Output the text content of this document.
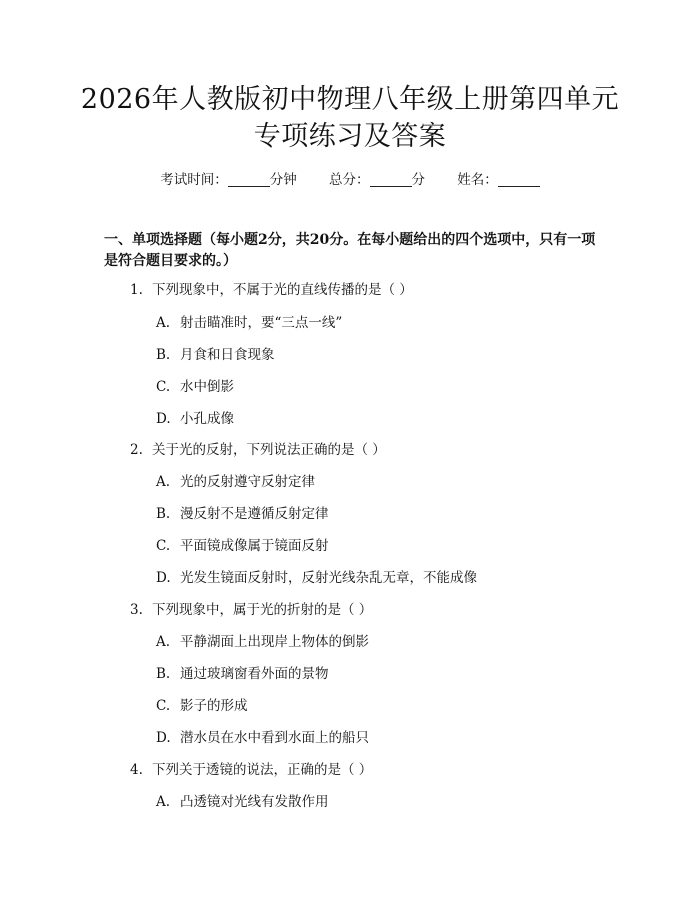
2026年人教版初中物理八年级上册第四单元
专项练习及答案
考试时间：	分钟 总分：	分 姓名：
一、单项选择题（每小题2分，共20分。在每小题给出的四个选项中，只有一项是符合题目要求的。）
1. 下列现象中，不属于光的直线传播的是（ ）
A. 射击瞄准时，要“三点一线”
B. 月食和日食现象
C. 水中倒影
D. 小孔成像
2. 关于光的反射，下列说法正确的是（ ）
A. 光的反射遵守反射定律
B. 漫反射不是遵循反射定律
C. 平面镜成像属于镜面反射
D. 光发生镜面反射时，反射光线杂乱无章，不能成像
3. 下列现象中，属于光的折射的是（ ）
A. 平静湖面上出现岸上物体的倒影
B. 通过玻璃窗看外面的景物
C. 影子的形成
D. 潜水员在水中看到水面上的船只
4. 下列关于透镜的说法，正确的是（ ）
A. 凸透镜对光线有发散作用
